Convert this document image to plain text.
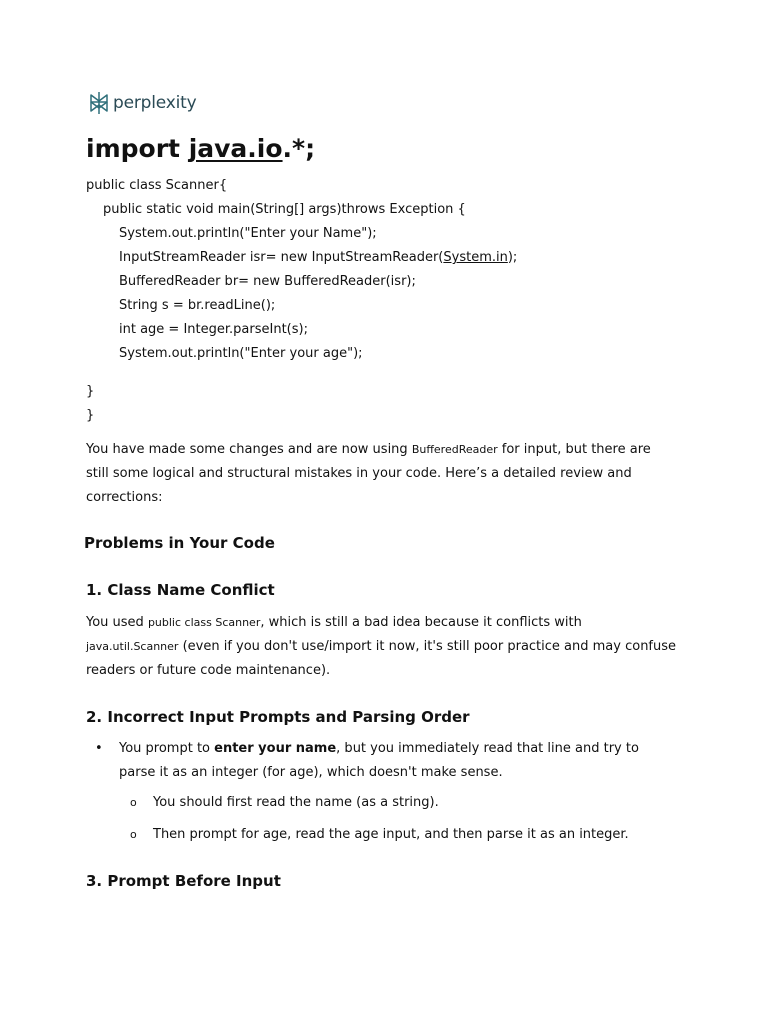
perplexity
import java.io.*;
public class Scanner{
public static void main(String[] args)throws Exception {
System.out.println("Enter your Name");
InputStreamReader isr= new InputStreamReader(System.in);
BufferedReader br= new BufferedReader(isr);
String s = br.readLine();
int age = Integer.parseInt(s);
System.out.println("Enter your age");
}
}

You have made some changes and are now using BufferedReader for input, but there are still some logical and structural mistakes in your code. Here’s a detailed review and corrections:

Problems in Your Code
1. Class Name Conflict

You used public class Scanner, which is still a bad idea because it conflicts with java.util.Scanner (even if you don't use/import it now, it's still poor practice and may confuse readers or future code maintenance).

2. Incorrect Input Prompts and Parsing Order
• You prompt to enter your name, but you immediately read that line and try to parse it as an integer (for age), which doesn't make sense.

o You should first read the name (as a string).

o Then prompt for age, read the age input, and then parse it as an integer.

3. Prompt Before Input
